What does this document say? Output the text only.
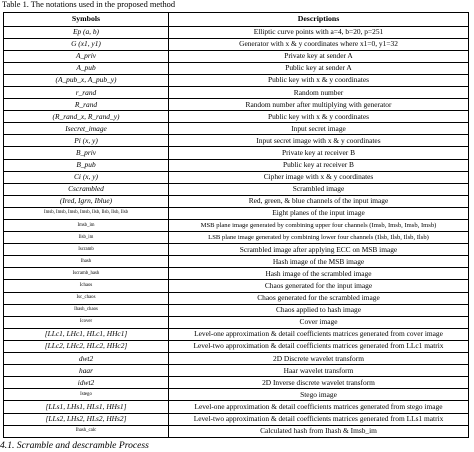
Table 1. The notations used in the proposed method
Symbols	Descriptions
Ep (a, b)	Elliptic curve points with a=4, b=20, p=251
G (x1, y1)	Generator with x & y coordinates where x1=0, y1=32
A_priv	Private key at sender A
A_pub	Public key at sender A
(A_pub_x, A_pub_y)	Public key with x & y coordinates
r_rand	Random number
R_rand	Random number after multiplying with generator
(R_rand_x, R_rand_y)	Public key with x & y coordinates
Isecret_image	Input secret image
Pi (x, y)	Input secret image with x & y coordinates
B_priv	Private key at receiver B
B_pub	Public key at receiver B
Ci (x, y)	Cipher image with x & y coordinates
Cscrambled	Scrambled image
(Ired, Igrn, Iblue)	Red, green, & blue channels of the input image
Imsb, Imsb, Imsb, Imsb, Ilsb, Ilsb, Ilsb, Ilsb	Eight planes of the input image
Imsb_im	MSB plane image generated by combining upper four channels (Imsb, Imsb, Imsb, Imsb)
Ilsb_im	LSB plane image generated by combining lower four channels (Ilsb, Ilsb, Ilsb, Ilsb)
Iscramb	Scrambled image after applying ECC on MSB image
Ihash	Hash image of the MSB image
Iscramb_hash	Hash image of the scrambled image
Ichaos	Chaos generated for the input image
Isc_chaos	Chaos generated for the scrambled image
Ihash_chaos	Chaos applied to hash image
Icover	Cover image
[LLc1, LHc1, HLc1, HHc1]	Level-one approximation & detail coefficients matrices generated from cover image
[LLc2, LHc2, HLc2, HHc2]	Level-two approximation & detail coefficients matrices generated from LLc1 matrix
dwt2	2D Discrete wavelet transform
haar	Haar wavelet transform
idwt2	2D Inverse discrete wavelet transform
Istego	Stego image
[LLs1, LHs1, HLs1, HHs1]	Level-one approximation & detail coefficients matrices generated from stego image
[LLs2, LHs2, HLs2, HHs2]	Level-two approximation & detail coefficients matrices generated from LLs1 matrix
Ihash_calc	Calculated hash from Ihash & Imsb_im
4.1. Scramble and descramble Process
